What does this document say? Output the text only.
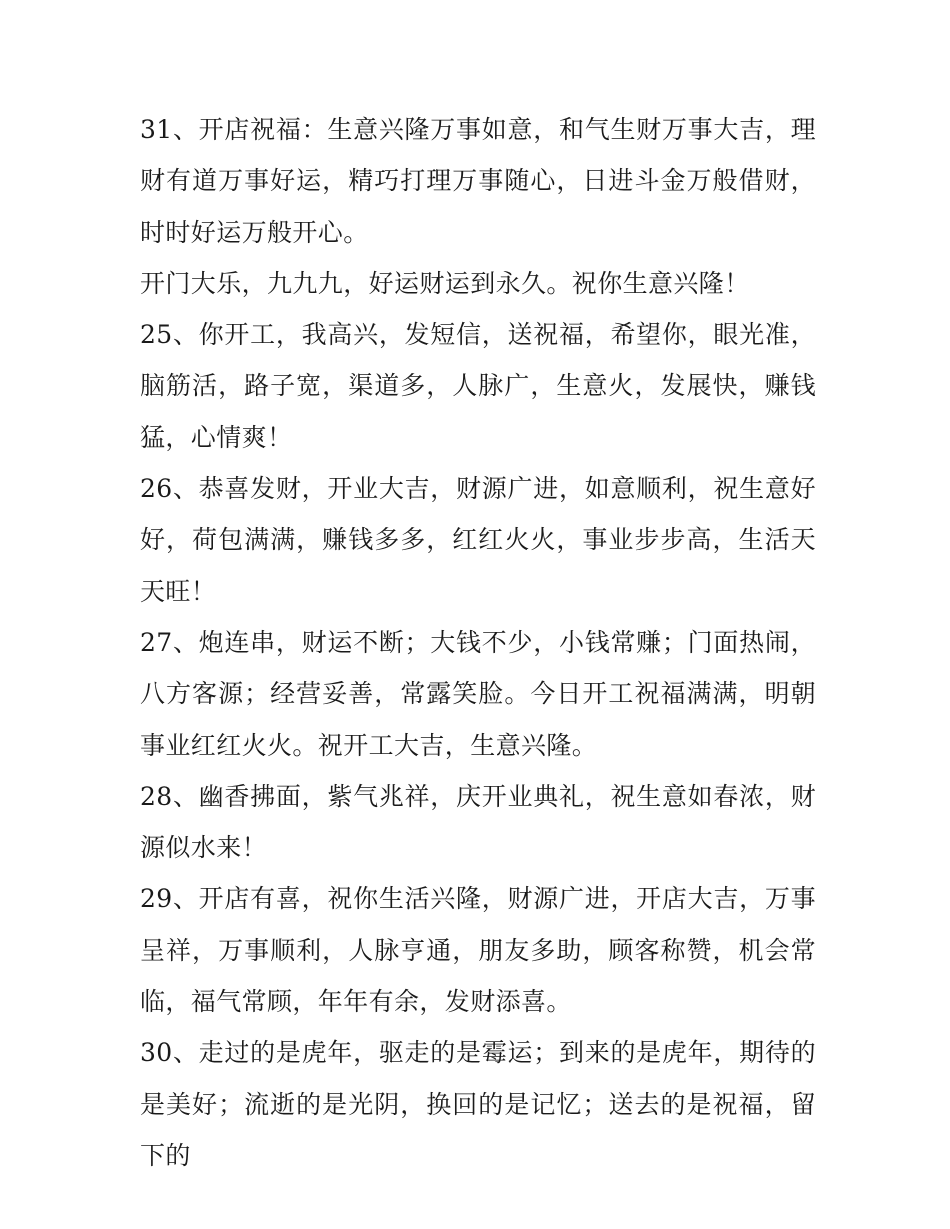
31、开店祝福：生意兴隆万事如意，和气生财万事大吉，理财有道万事好运，精巧打理万事随心，日进斗金万般借财，时时好运万般开心。

开门大乐，九九九，好运财运到永久。祝你生意兴隆！

25、你开工，我高兴，发短信，送祝福，希望你，眼光准，脑筋活，路子宽，渠道多，人脉广，生意火，发展快，赚钱猛，心情爽！

26、恭喜发财，开业大吉，财源广进，如意顺利，祝生意好好，荷包满满，赚钱多多，红红火火，事业步步高，生活天天旺！

27、炮连串，财运不断；大钱不少，小钱常赚；门面热闹，八方客源；经营妥善，常露笑脸。今日开工祝福满满，明朝事业红红火火。祝开工大吉，生意兴隆。

28、幽香拂面，紫气兆祥，庆开业典礼，祝生意如春浓，财源似水来！

29、开店有喜，祝你生活兴隆，财源广进，开店大吉，万事呈祥，万事顺利，人脉亨通，朋友多助，顾客称赞，机会常临，福气常顾，年年有余，发财添喜。

30、走过的是虎年，驱走的是霉运；到来的是虎年，期待的是美好；流逝的是光阴，换回的是记忆；送去的是祝福，留下的
